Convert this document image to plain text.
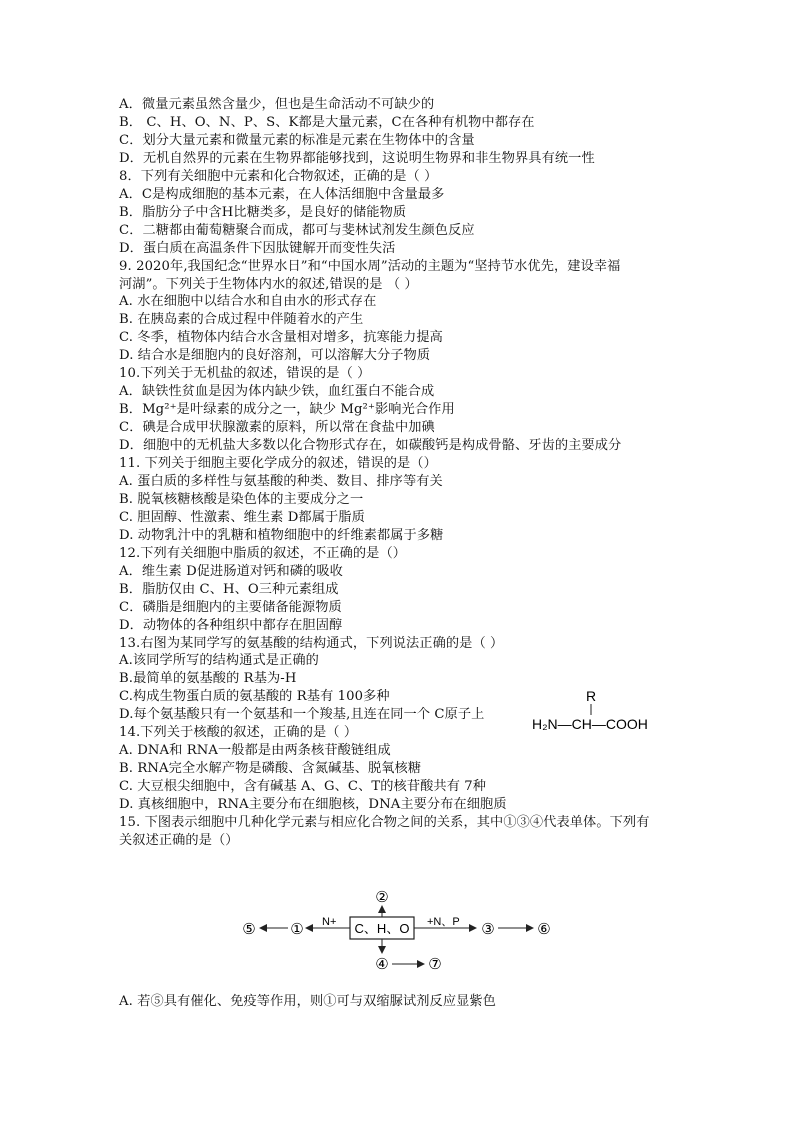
A．微量元素虽然含量少，但也是生命活动不可缺少的
B． C、H、O、N、P、S、K都是大量元素，C在各种有机物中都存在
C．划分大量元素和微量元素的标准是元素在生物体中的含量
D．无机自然界的元素在生物界都能够找到，这说明生物界和非生物界具有统一性
8．下列有关细胞中元素和化合物叙述，正确的是（ ）
A．C是构成细胞的基本元素，在人体活细胞中含量最多
B．脂肪分子中含H比糖类多，是良好的储能物质
C．二糖都由葡萄糖聚合而成，都可与斐林试剂发生颜色反应
D．蛋白质在高温条件下因肽键解开而变性失活
9. 2020年,我国纪念“世界水日”和“中国水周”活动的主题为“坚持节水优先，建设幸福
河湖”。下列关于生物体内水的叙述,错误的是 （ ）
A. 水在细胞中以结合水和自由水的形式存在
B. 在胰岛素的合成过程中伴随着水的产生
C. 冬季，植物体内结合水含量相对增多，抗寒能力提高
D. 结合水是细胞内的良好溶剂，可以溶解大分子物质
10.下列关于无机盐的叙述，错误的是（ ）
A．缺铁性贫血是因为体内缺少铁，血红蛋白不能合成
B．Mg²⁺是叶绿素的成分之一，缺少 Mg²⁺影响光合作用
C．碘是合成甲状腺激素的原料，所以常在食盐中加碘
D．细胞中的无机盐大多数以化合物形式存在，如碳酸钙是构成骨骼、牙齿的主要成分
11. 下列关于细胞主要化学成分的叙述，错误的是（）
A. 蛋白质的多样性与氨基酸的种类、数目、排序等有关
B. 脱氧核糖核酸是染色体的主要成分之一
C. 胆固醇、性激素、维生素 D都属于脂质
D. 动物乳汁中的乳糖和植物细胞中的纤维素都属于多糖
12.下列有关细胞中脂质的叙述，不正确的是（）
A．维生素 D促进肠道对钙和磷的吸收
B．脂肪仅由 C、H、O三种元素组成
C．磷脂是细胞内的主要储备能源物质
D．动物体的各种组织中都存在胆固醇
13.右图为某同学写的氨基酸的结构通式，下列说法正确的是（ ）
A.该同学所写的结构通式是正确的
B.最简单的氨基酸的 R基为-H
C.构成生物蛋白质的氨基酸的 R基有 100多种
D.每个氨基酸只有一个氨基和一个羧基,且连在同一个 C原子上
14.下列关于核酸的叙述，正确的是（ ）
A. DNA和 RNA一般都是由两条核苷酸链组成
B. RNA完全水解产物是磷酸、含氮碱基、脱氧核糖
C. 大豆根尖细胞中，含有碱基 A、G、C、T的核苷酸共有 7种
D. 真核细胞中，RNA主要分布在细胞核，DNA主要分布在细胞质
15. 下图表示细胞中几种化学元素与相应化合物之间的关系，其中①③④代表单体。下列有
关叙述正确的是（）
A. 若⑤具有催化、免疫等作用，则①可与双缩脲试剂反应显紫色
R
H₂N—CH—COOH
C、H、O
②
N+
①
⑤	+N、P ③	⑥
④	⑦
